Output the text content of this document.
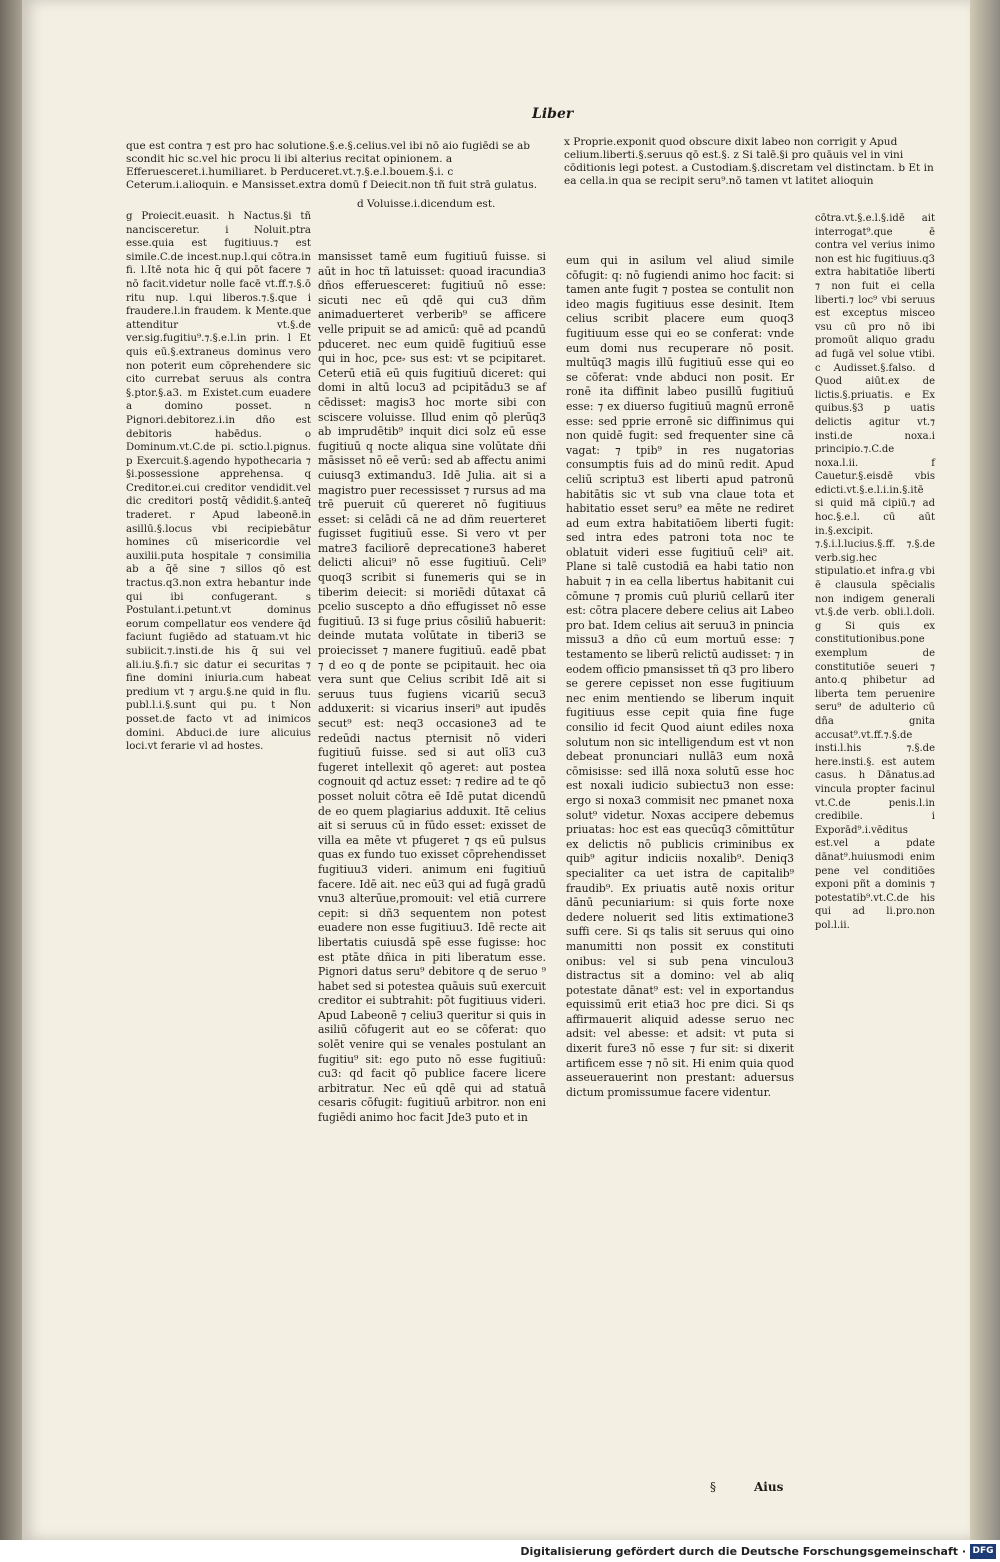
Liber
que est contra ⁊ est pro hac solutione.§.e.§.celius.vel ibi nō aio fugiēdi se ab scondit hic sc.vel hic procu li ibi alterius recitat opinionem. a Efferuesceret.i.humiliaret. b Perduceret.vt.⁊.§.e.l.bouem.§.i. c Ceterum.i.alioquin. e Mansisset.extra domū f Deiecit.non tñ fuit strā gulatus.
x Proprie.exponit quod obscure dixit labeo non corrigit y Apud celium.liberti.§.seruus qō est.§. z Si talē.§i pro quāuis vel in vini cōditionis legi potest. a Custodiam.§.discretam vel distinctam. b Et in ea cella.in qua se recipit seru⁹.nō tamen vt latitet alioquin
d Voluisse.i.dicendum est.
g Proiecit.euasit. h Nactus.§i tñ nancisceretur. i Noluit.ptra esse.quia est fugitiuus.⁊ est simile.C.de incest.nup.l.qui cōtra.in fi. l.Itē nota hic q̄ qui pōt facere ⁊ nō facit.videtur nolle facē vt.ff.⁊.§.ō ritu nup. l.qui liberos.⁊.§.que i fraudere.l.in fraudem. k Mente.que attenditur vt.§.de ver.sig.fugitiu⁹.⁊.§.e.l.in prin. l Et quis eū.§.extraneus dominus vero non poterit eum cōprehendere sic cito currebat seruus als contra §.ptor.§.a3. m Existet.cum euadere a domino posset. n Pignori.debitorez.i.in dño est debitoris habēdus. o Dominum.vt.C.de pi. sctio.l.pignus. p Exercuit.§.agendo hypothecaria ⁊ §i.possessione apprehensa. q Creditor.ei.cui creditor vendidit.vel dic creditori postq̄ vēdidit.§.anteq̄ traderet. r Apud labeonē.in asillū.§.locus vbi recipiebātur homines cū misericordie vel auxilii.puta hospitale ⁊ consimilia ab a q̄ē sine ⁊ sillos qō est tractus.q3.non extra hebantur inde qui ibi confugerant. s Postulant.i.petunt.vt dominus eorum compellatur eos vendere q̄d faciunt fugiēdo ad statuam.vt hic subiicit.⁊.insti.de his q̄ sui vel ali.iu.§.fi.⁊ sic datur ei securitas ⁊ fine domini iniuria.cum habeat predium vt ⁊ argu.§.ne quid in flu. publ.l.i.§.sunt qui pu. t Non posset.de facto vt ad inimicos domini. Abduci.de iure alicuius loci.vt ferarie vl ad hostes.
mansisset tamē eum fugitiuū fuisse. si aūt in hoc tñ latuisset: quoad iracundia3 dños efferuesceret: fugitiuū nō esse: sicuti nec eū qdē qui cu3 dñm animaduerteret verberib⁹ se afficere velle pripuit se ad amicū: quē ad pcandū pduceret. nec eum quidē fugitiuū esse qui in hoc, pce⸗ sus est: vt se pcipitaret. Ceterū etiā eū quis fugitiuū diceret: qui domi in altū locu3 ad pcipitādu3 se af cēdisset: magis3 hoc morte sibi con sciscere voluisse. Illud enim qō plerūq3 ab imprudētib⁹ inquit dici solz eū esse fugitiuū q nocte aliqua sine volūtate dñi māsisset nō eē verū: sed ab affectu animi cuiusq3 extimandu3. Idē Julia. ait si a magistro puer recessisset ⁊ rursus ad ma trē pueruit cū quereret nō fugitiuus esset: si celādi cā ne ad dñm reuerteret fugisset fugitiuū esse. Si vero vt per matre3 faciliorē deprecatione3 haberet delicti alicui⁹ nō esse fugitiuū. Celi⁹ quoq3 scribit si funemeris qui se in tiberim deiecit: si moriēdi dūtaxat cā pcelio suscepto a dño effugisset nō esse fugitiuū. I3 si fuge prius cōsiliū habuerit: deinde mutata volūtate in tiberi3 se proiecisset ⁊ manere fugitiuū. eadē pbat ⁊ d eo q de ponte se pcipitauit. hec oia vera sunt que Celius scribit Idē ait si seruus tuus fugiens vicariū secu3 adduxerit: si vicarius inseri⁹ aut ipudēs secut⁹ est: neq3 occasione3 ad te redeūdi nactus pternisit nō videri fugitiuū fuisse. sed si aut olī3 cu3 fugeret intellexit qō ageret: aut postea cognouit qd actuz esset: ⁊ redire ad te qō posset noluit cōtra eē Idē putat dicendū de eo quem plagiarius adduxit. Itē celius ait si seruus cū in fūdo esset: exisset de villa ea mēte vt pfugeret ⁊ qs eū pulsus quas ex fundo tuo exisset cōprehendisset fugitiuu3 videri. animum eni fugitiuū facere. Idē ait. nec eū3 qui ad fugā gradū vnu3 alterūue,promouit: vel etiā currere cepit: si dñ3 sequentem non potest euadere non esse fugitiuu3. Idē recte ait libertatis cuiusdā spē esse fugisse: hoc est ptāte dñica in piti liberatum esse. Pignori datus seru⁹ debitore q de seruo ⁹ habet sed si potestea quāuis suū exercuit creditor ei subtrahit: pōt fugitiuus videri. Apud Labeonē ⁊ celiu3 queritur si quis in asiliū cōfugerit aut eo se cōferat: quo solēt venire qui se venales postulant an fugitiu⁹ sit: ego puto nō esse fugitiuū: cu3: qd facit qō publice facere licere arbitratur. Nec eū qdē qui ad statuā cesaris cōfugit: fugitiuū arbitror. non eni fugiēdi animo hoc facit Jde3 puto et in
eum qui in asilum vel aliud simile cōfugit: q: nō fugiendi animo hoc facit: si tamen ante fugit ⁊ postea se contulit non ideo magis fugitiuus esse desinit. Item celius scribit placere eum quoq3 fugitiuum esse qui eo se conferat: vnde eum domi nus recuperare nō posit. multūq3 magis illū fugitiuū esse qui eo se cōferat: vnde abduci non posit. Er ronē ita diffinit labeo pusillū fugitiuū esse: ⁊ ex diuerso fugitiuū magnū erronē esse: sed pprie erronē sic diffinimus qui non quidē fugit: sed frequenter sine cā vagat: ⁊ tpib⁹ in res nugatorias consumptis fuis ad do minū redit. Apud celiū scriptu3 est liberti apud patronū habitātis sic vt sub vna claue tota et habitatio esset seru⁹ ea mēte ne rediret ad eum extra habitatiōem liberti fugit: sed intra edes patroni tota noc te oblatuit videri esse fugitiuū celi⁹ ait. Plane si talē custodiā ea habi tatio non habuit ⁊ in ea cella libertus habitanit cui cōmune ⁊ promis cuū pluriū cellarū iter est: cōtra placere debere celius ait Labeo pro bat. Idem celius ait seruu3 in pnincia missu3 a dño cū eum mortuū esse: ⁊ testamento se liberū relictū audisset: ⁊ in eodem officio pmansisset tñ q3 pro libero se gerere cepisset non esse fugitiuum nec enim mentiendo se liberum inquit fugitiuus esse cepit quia fine fuge consilio id fecit Quod aiunt ediles noxa solutum non sic intelligendum est vt non debeat pronunciari nullā3 eum noxā cōmisisse: sed illā noxa solutū esse hoc est noxali iudicio subiectu3 non esse: ergo si noxa3 commisit nec pmanet noxa solut⁹ videtur. Noxas accipere debemus priuatas: hoc est eas quecūq3 cōmittūtur ex delictis nō publicis criminibus ex quib⁹ agitur indiciis noxalib⁹. Deniq3 specialiter ca uet istra de capitalib⁹ fraudib⁹. Ex priuatis autē noxis oritur dānū pecuniarium: si quis forte noxe dedere noluerit sed litis extimatione3 suffi cere. Si qs talis sit seruus qui oino manumitti non possit ex constituti onibus: vel si sub pena vinculou3 distractus sit a domino: vel ab aliq potestate dānat⁹ est: vel in exportandus equissimū erit etia3 hoc pre dici. Si qs affirmauerit aliquid adesse seruo nec adsit: vel abesse: et adsit: vt puta si dixerit fure3 nō esse ⁊ fur sit: si dixerit artificem esse ⁊ nō sit. Hi enim quia quod asseuerauerint non prestant: aduersus dictum promissumue facere videntur.
cōtra.vt.§.e.l.§.idē ait interrogat⁹.que ē contra vel verius inimo non est hic fugitiuus.q3 extra habitatiōe liberti ⁊ non fuit ei cella liberti.⁊ loc⁹ vbi seruus est exceptus misceo vsu cū pro nō ibi promoūt aliquo gradu ad fugā vel solue vtibi. c Audisset.§.falso. d Quod aiūt.ex de lictis.§.priuatis. e Ex quibus.§3 p uatis delictis agitur vt.⁊ insti.de noxa.i principio.⁊.C.de noxa.l.ii. f Cauetur.§.eisdē vbis edicti.vt.§.e.l.i.in.§.itē si quid mā cipiū.⁊ ad hoc.§.e.l. cū aūt in.§.excipit. ⁊.§.i.l.lucius.§.ff. ⁊.§.de verb.sig.hec stipulatio.et infra.g vbi ē clausula spēcialis non indigem generali vt.§.de verb. obli.l.doli. g Si quis ex constitutionibus.pone exemplum de constitutiōe seueri ⁊ anto.q phibetur ad liberta tem peruenire seru⁹ de adulterio cū dña gnita accusat⁹.vt.ff.⁊.§.de insti.l.his ⁊.§.de here.insti.§. est autem casus. h Dānatus.ad vincula propter facinul vt.C.de penis.l.in credibile. i Exporād⁹.i.vēditus est.vel a pdate dānat⁹.huiusmodi enim pene vel conditiōes exponi pñt a dominis ⁊ potestatib⁹.vt.C.de his qui ad li.pro.non pol.l.ii.
§	Aius
Digitalisierung gefördert durch die Deutsche Forschungsgemeinschaft · DFG
